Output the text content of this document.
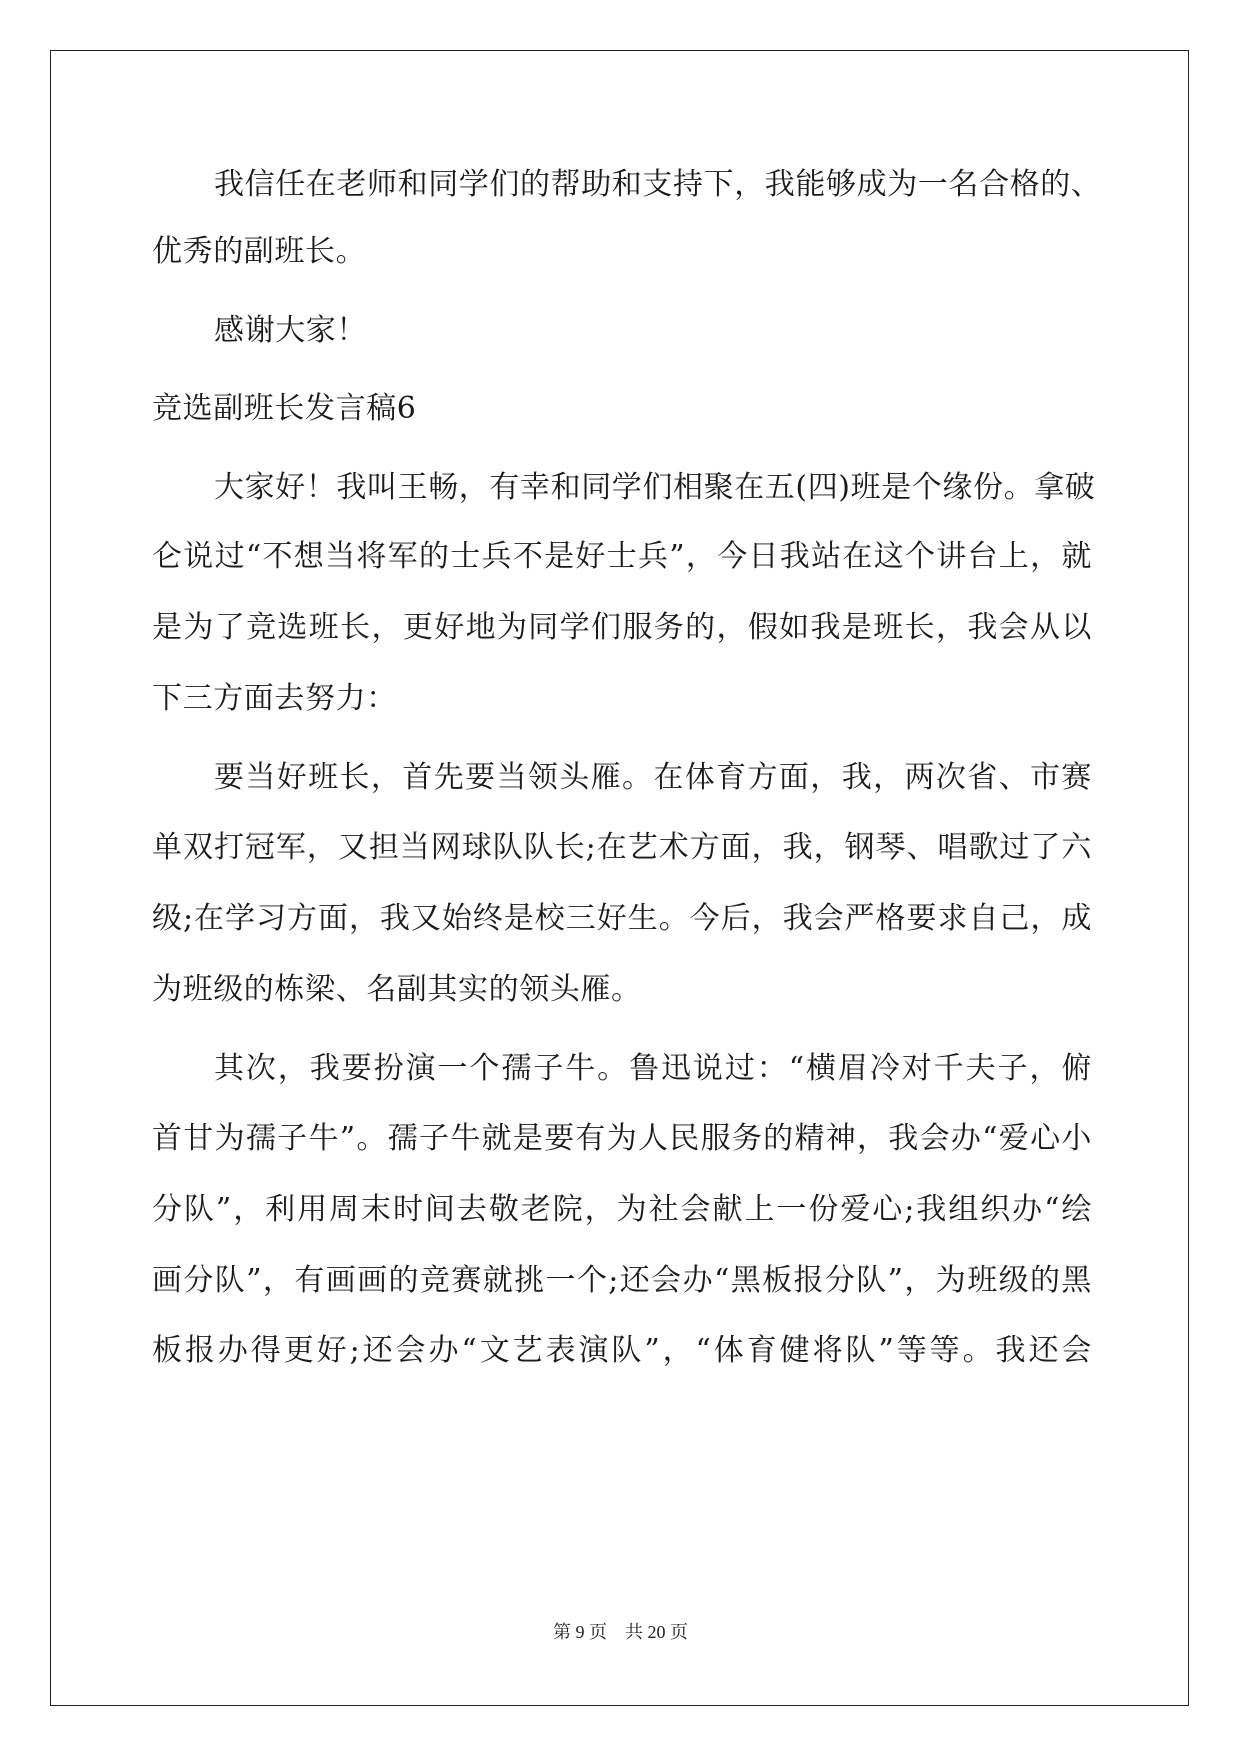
我信任在老师和同学们的帮助和支持下，我能够成为一名合格的、
优秀的副班长。
感谢大家！
竞选副班长发言稿6
大家好！我叫王畅，有幸和同学们相聚在五(四)班是个缘份。拿破
仑说过“不想当将军的士兵不是好士兵”，今日我站在这个讲台上，就
是为了竞选班长，更好地为同学们服务的，假如我是班长，我会从以
下三方面去努力：
要当好班长，首先要当领头雁。在体育方面，我，两次省、市赛
单双打冠军，又担当网球队队长;在艺术方面，我，钢琴、唱歌过了六
级;在学习方面，我又始终是校三好生。今后，我会严格要求自己，成
为班级的栋梁、名副其实的领头雁。
其次，我要扮演一个孺子牛。鲁迅说过：“横眉冷对千夫子，俯
首甘为孺子牛”。孺子牛就是要有为人民服务的精神，我会办“爱心小
分队”，利用周末时间去敬老院，为社会献上一份爱心;我组织办“绘
画分队”，有画画的竞赛就挑一个;还会办“黑板报分队”，为班级的黑
板报办得更好;还会办“文艺表演队”，“体育健将队”等等。我还会
第 9 页    共 20 页
